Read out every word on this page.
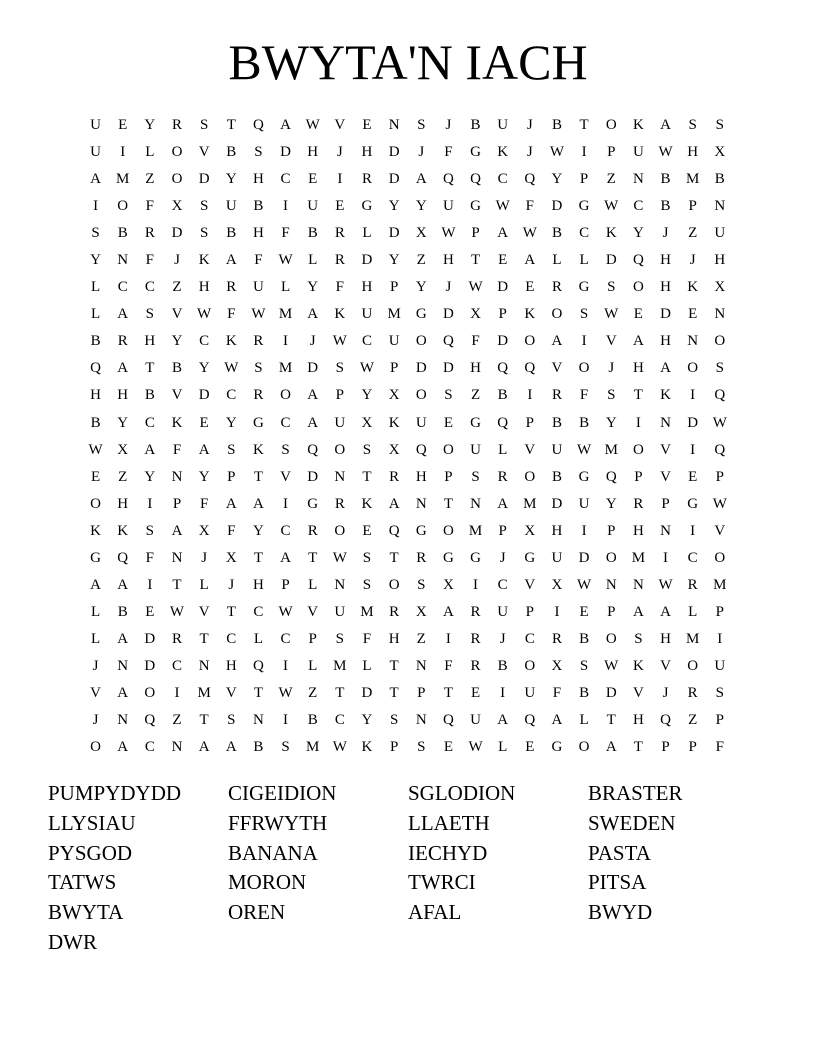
BWYTA'N IACH
U	E	Y	R	S	T	Q	A W V	E	N	S	J	B	U	J	B	T	O	K	A	S	S
U	I	L	O	V	B	S	D	H	J	H	D	J	F	G	K	J	W	I	P	U W H	X
A	M	Z	O	D	Y	H	C	E	I	R	D	A	Q	Q	C	Q	Y	P	Z	N	B	M	B
I	O	F	X	S	U	B	I	U	E	G	Y	Y	U	G W	F	D	G W	C	B	P	N
S	B	R	D	S	B	H	F	B	R	L	D	X W	P	A W	B	C	K	Y	J	Z	U
Y	N	F	J	K	A	F	W	L	R	D	Y	Z	H	T	E	A	L	L	D	Q	H	J	H
L	C	C	Z	H	R	U	L	Y	F	H	P	Y	J	W D	E	R	G	S	O	H	K	X
L	A	S	V W	F	W M	A	K	U	M	G	D	X	P	K	O	S	W	E	D	E	N
B	R	H	Y	C	K	R	I	J	W	C	U	O	Q	F	D	O	A	I	V	A	H	N	O
Q	A	T	B	Y W	S	M	D	S	W	P	D	D	H	Q	Q	V	O	J	H	A	O	S
H	H	B	V	D	C	R	O	A	P	Y	X	O	S	Z	B	I	R	F	S	T	K	I	Q
B	Y	C	K	E	Y	G	C	A	U	X	K	U	E	G	Q	P	B	B	Y	I	N	D W
W X	A	F	A	S	K	S	Q	O	S	X	Q	O	U	L	V	U W M	O	V	I	Q
E	Z	Y	N	Y	P	T	V	D	N	T	R	H	P	S	R	O	B	G	Q	P	V	E	P
O	H	I	P	F	A	A	I	G	R	K	A	N	T	N	A	M	D	U	Y	R	P	G W
K	K	S	A	X	F	Y	C	R	O	E	Q	G	O	M	P	X	H	I	P	H	N	I	V
G	Q	F	N	J	X	T	A	T	W	S	T	R	G	G	J	G	U	D	O	M	I	C	O
A	A	I	T	L	J	H	P	L	N	S	O	S	X	I	C	V	X W N	N W	R	M
L	B	E	W V	T	C	W V	U	M	R	X	A	R	U	P	I	E	P	A	A	L	P
L	A	D	R	T	C	L	C	P	S	F	H	Z	I	R	J	C	R	B	O	S	H	M	I
J	N	D	C	N	H	Q	I	L	M	L	T	N	F	R	B	O	X	S	W K	V	O	U
V	A	O	I	M	V	T	W	Z	T	D	T	P	T	E	I	U	F	B	D	V	J	R	S
J	N	Q	Z	T	S	N	I	B	C	Y	S	N	Q	U	A	Q	A	L	T	H	Q	Z	P
O	A	C	N	A	A	B	S	M W K	P	S	E	W	L	E	G	O	A	T	P	P	F
PUMPYDYDD	CIGEIDION	SGLODION	BRASTER
LLYSIAU	FFRWYTH	LLAETH	SWEDEN
PYSGOD	BANANA	IECHYD	PASTA
TATWS	MORON	TWRCI	PITSA
BWYTA	OREN	AFAL	BWYD
DWR
